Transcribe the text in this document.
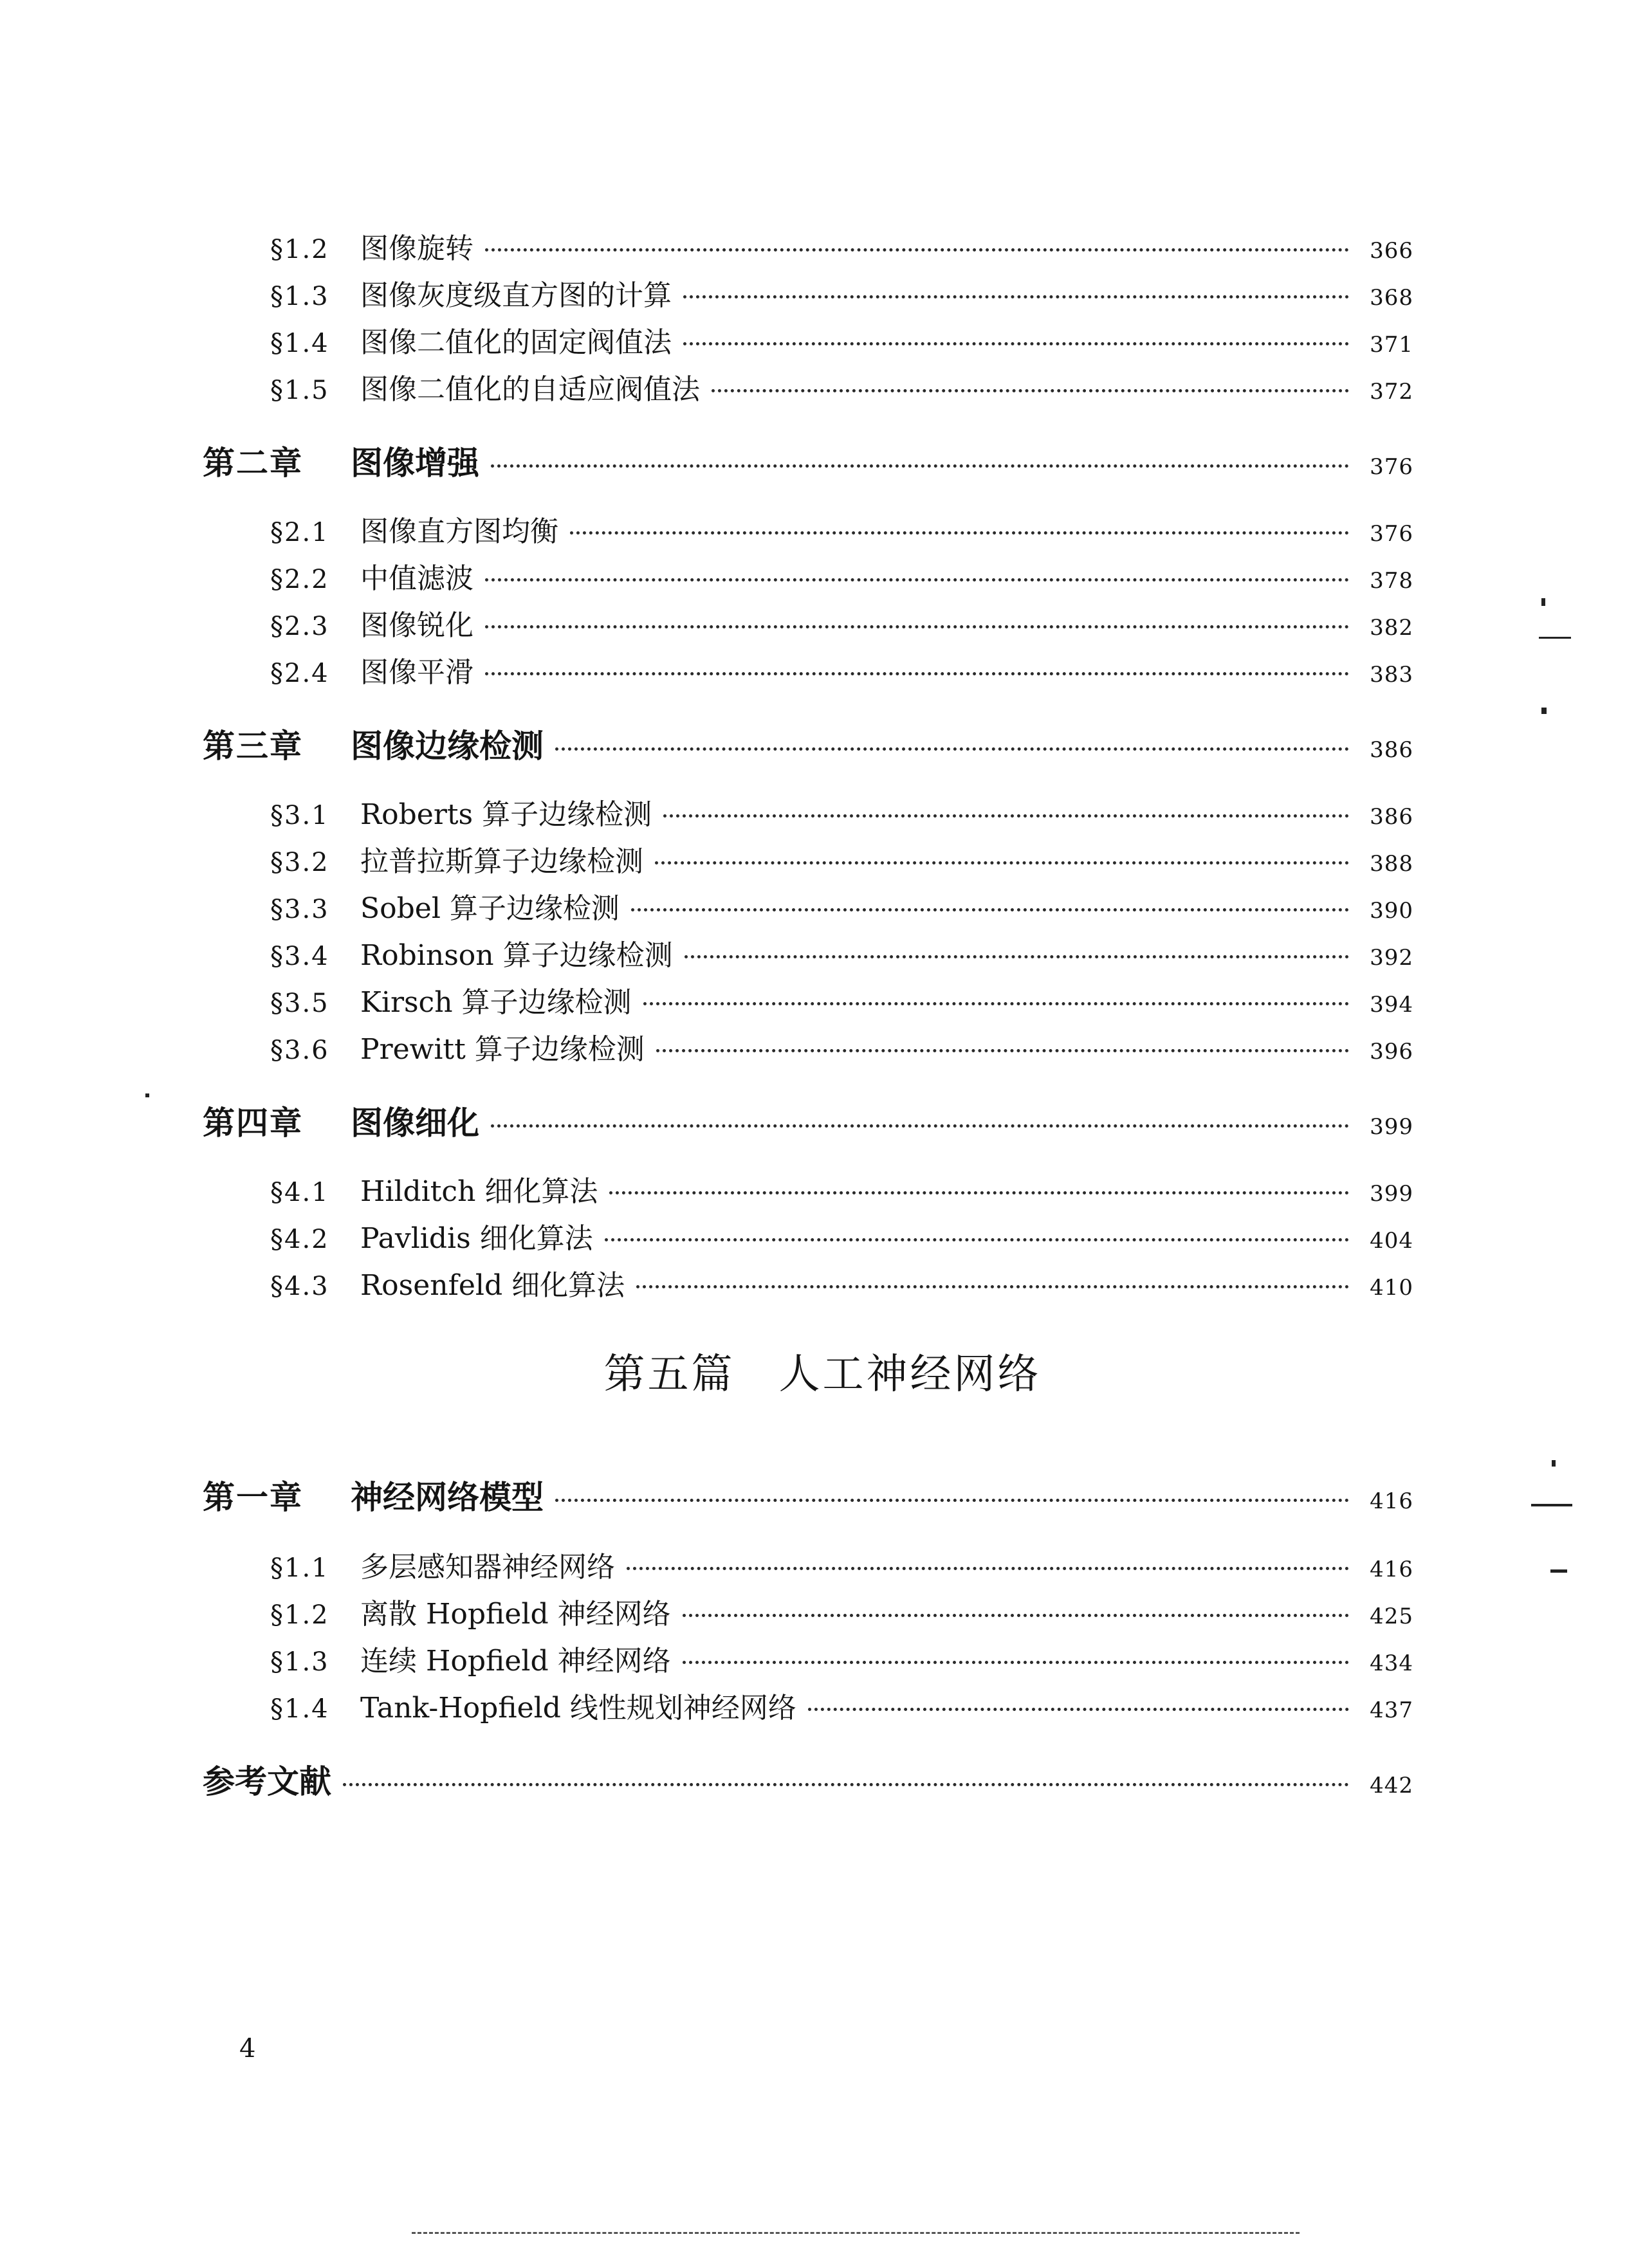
§1.2	图像旋转	366
§1.3	图像灰度级直方图的计算	368
§1.4	图像二值化的固定阀值法	371
§1.5	图像二值化的自适应阀值法	372
第二章	图像增强	376
§2.1	图像直方图均衡	376
§2.2	中值滤波	378
§2.3	图像锐化	382
§2.4	图像平滑	383
第三章	图像边缘检测	386
§3.1	Roberts 算子边缘检测	386
§3.2	拉普拉斯算子边缘检测	388
§3.3	Sobel 算子边缘检测	390
§3.4	Robinson 算子边缘检测	392
§3.5	Kirsch 算子边缘检测	394
§3.6	Prewitt 算子边缘检测	396
第四章	图像细化	399
§4.1	Hilditch 细化算法	399
§4.2	Pavlidis 细化算法	404
§4.3	Rosenfeld 细化算法	410
第五篇　人工神经网络
第一章	神经网络模型	416
§1.1	多层感知器神经网络	416
§1.2	离散 Hopfield 神经网络	425
§1.3	连续 Hopfield 神经网络	434
§1.4	Tank-Hopfield 线性规划神经网络	437
参考文献	442
4
